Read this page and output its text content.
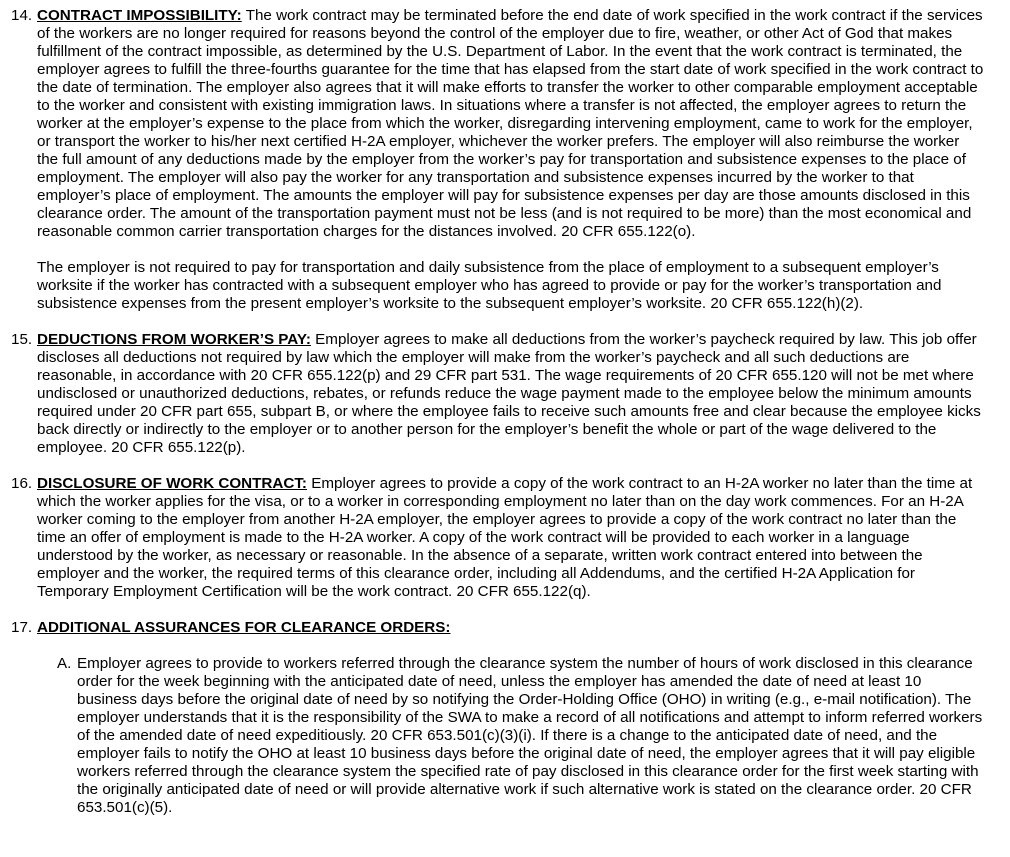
14. CONTRACT IMPOSSIBILITY: The work contract may be terminated before the end date of work specified in the work contract if the services of the workers are no longer required for reasons beyond the control of the employer due to fire, weather, or other Act of God that makes fulfillment of the contract impossible, as determined by the U.S. Department of Labor. In the event that the work contract is terminated, the employer agrees to fulfill the three-fourths guarantee for the time that has elapsed from the start date of work specified in the work contract to the date of termination. The employer also agrees that it will make efforts to transfer the worker to other comparable employment acceptable to the worker and consistent with existing immigration laws. In situations where a transfer is not affected, the employer agrees to return the worker at the employer’s expense to the place from which the worker, disregarding intervening employment, came to work for the employer, or transport the worker to his/her next certified H-2A employer, whichever the worker prefers. The employer will also reimburse the worker the full amount of any deductions made by the employer from the worker’s pay for transportation and subsistence expenses to the place of employment. The employer will also pay the worker for any transportation and subsistence expenses incurred by the worker to that employer’s place of employment. The amounts the employer will pay for subsistence expenses per day are those amounts disclosed in this clearance order. The amount of the transportation payment must not be less (and is not required to be more) than the most economical and reasonable common carrier transportation charges for the distances involved. 20 CFR 655.122(o).
The employer is not required to pay for transportation and daily subsistence from the place of employment to a subsequent employer’s worksite if the worker has contracted with a subsequent employer who has agreed to provide or pay for the worker’s transportation and subsistence expenses from the present employer’s worksite to the subsequent employer’s worksite. 20 CFR 655.122(h)(2).
15. DEDUCTIONS FROM WORKER’S PAY: Employer agrees to make all deductions from the worker’s paycheck required by law. This job offer discloses all deductions not required by law which the employer will make from the worker’s paycheck and all such deductions are reasonable, in accordance with 20 CFR 655.122(p) and 29 CFR part 531. The wage requirements of 20 CFR 655.120 will not be met where undisclosed or unauthorized deductions, rebates, or refunds reduce the wage payment made to the employee below the minimum amounts required under 20 CFR part 655, subpart B, or where the employee fails to receive such amounts free and clear because the employee kicks back directly or indirectly to the employer or to another person for the employer’s benefit the whole or part of the wage delivered to the employee. 20 CFR 655.122(p).
16. DISCLOSURE OF WORK CONTRACT: Employer agrees to provide a copy of the work contract to an H-2A worker no later than the time at which the worker applies for the visa, or to a worker in corresponding employment no later than on the day work commences. For an H-2A worker coming to the employer from another H-2A employer, the employer agrees to provide a copy of the work contract no later than the time an offer of employment is made to the H-2A worker. A copy of the work contract will be provided to each worker in a language understood by the worker, as necessary or reasonable. In the absence of a separate, written work contract entered into between the employer and the worker, the required terms of this clearance order, including all Addendums, and the certified H-2A Application for Temporary Employment Certification will be the work contract. 20 CFR 655.122(q).
17. ADDITIONAL ASSURANCES FOR CLEARANCE ORDERS:
A. Employer agrees to provide to workers referred through the clearance system the number of hours of work disclosed in this clearance order for the week beginning with the anticipated date of need, unless the employer has amended the date of need at least 10 business days before the original date of need by so notifying the Order-Holding Office (OHO) in writing (e.g., e-mail notification). The employer understands that it is the responsibility of the SWA to make a record of all notifications and attempt to inform referred workers of the amended date of need expeditiously. 20 CFR 653.501(c)(3)(i). If there is a change to the anticipated date of need, and the employer fails to notify the OHO at least 10 business days before the original date of need, the employer agrees that it will pay eligible workers referred through the clearance system the specified rate of pay disclosed in this clearance order for the first week starting with the originally anticipated date of need or will provide alternative work if such alternative work is stated on the clearance order. 20 CFR 653.501(c)(5).
